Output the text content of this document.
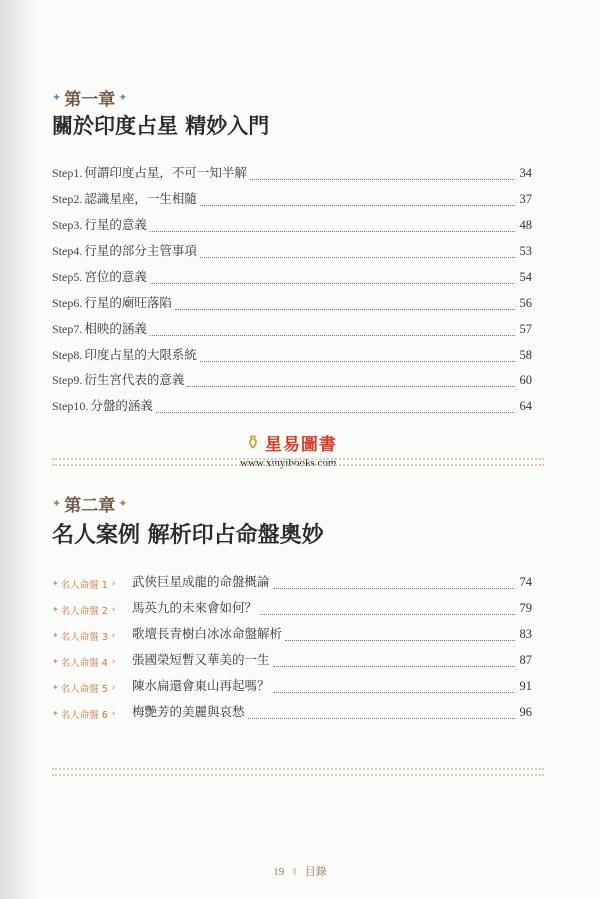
✦ 第一章 ✦
關於印度占星 精妙入門
Step1. 何謂印度占星，不可一知半解	34
Step2. 認識星座，一生相隨	37
Step3. 行星的意義	48
Step4. 行星的部分主管事項	53
Step5. 宮位的意義	54
Step6. 行星的廟旺落陷	56
Step7. 相映的涵義	57
Step8. 印度占星的大限系統	58
Step9. 衍生宮代表的意義	60
Step10. 分盤的涵義	64
⚱ 星易圖書
www.xinyibooks.com
✦ 第二章 ✦
名人案例 解析印占命盤奧妙
✦ 名人命盤 1 › 武俠巨星成龍的命盤概論	74
✦ 名人命盤 2 › 馬英九的未來會如何？	79
✦ 名人命盤 3 › 歌壇長青樹白冰冰命盤解析	83
✦ 名人命盤 4 › 張國榮短暫又華美的一生	87
✦ 名人命盤 5 › 陳水扁還會東山再起嗎？	91
✦ 名人命盤 6 › 梅艷芳的美麗與哀愁	96
19 ‖ 目錄
